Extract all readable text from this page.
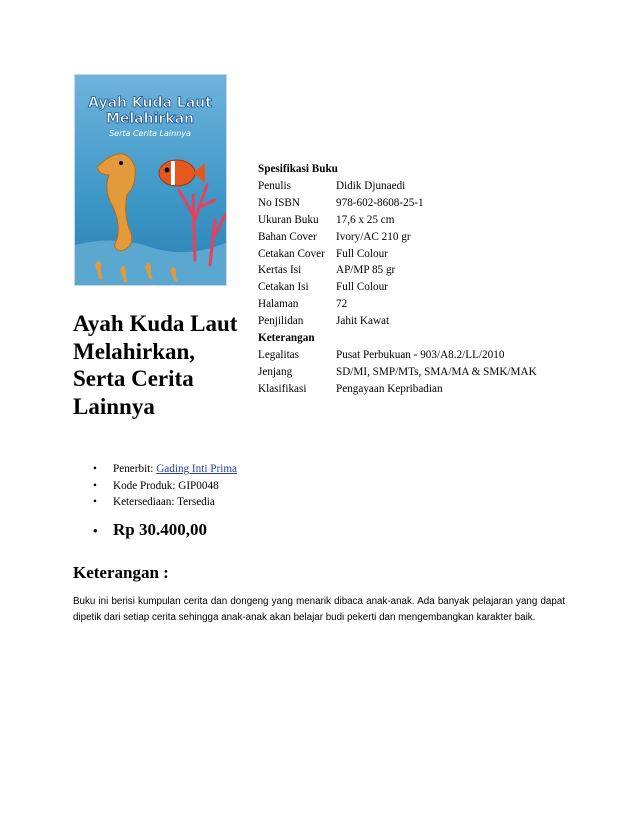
Ayah Kuda Laut
Melahirkan
Serta Cerita Lainnya
Spesifikasi Buku
Penulis	Didik Djunaedi
No ISBN	978-602-8608-25-1
Ukuran Buku	17,6 x 25 cm
Bahan Cover	Ivory/AC 210 gr
Cetakan Cover	Full Colour
Kertas Isi	AP/MP 85 gr
Cetakan Isi	Full Colour
Halaman	72
Penjilidan	Jahit Kawat
Keterangan
Legalitas	Pusat Perbukuan - 903/A8.2/LL/2010
Jenjang	SD/MI, SMP/MTs, SMA/MA & SMK/MAK
Klasifikasi	Pengayaan Kepribadian
Ayah Kuda Laut Melahirkan, Serta Cerita Lainnya
• Penerbit: Gading Inti Prima
• Kode Produk: GIP0048
• Ketersediaan: Tersedia
• Rp 30.400,00
Keterangan :

Buku ini berisi kumpulan cerita dan dongeng yang menarik dibaca anak-anak. Ada banyak pelajaran yang dapat dipetik dari setiap cerita sehingga anak-anak akan belajar budi pekerti dan mengembangkan karakter baik.
